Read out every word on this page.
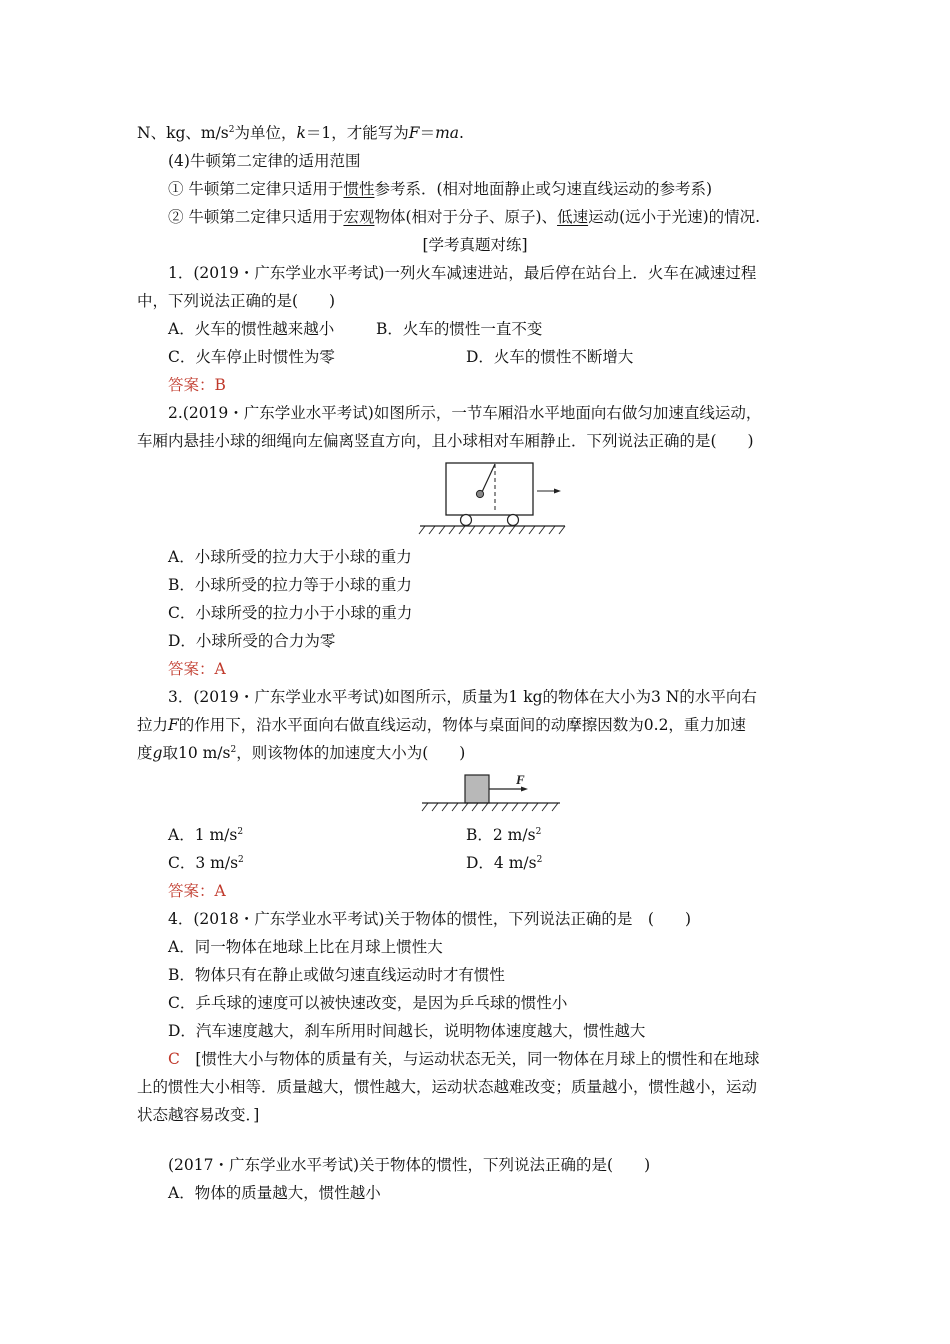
N、kg、$m/s^2$为单位，k＝1，才能写为F＝ma.
(4)牛顿第二定律的适用范围
① 牛顿第二定律只适用于惯性参考系．(相对地面静止或匀速直线运动的参考系)
② 牛顿第二定律只适用于宏观物体(相对于分子、原子)、低速运动(远小于光速)的情况.
[学考真题对练]
1．(2019・广东学业水平考试)一列火车减速进站，最后停在站台上．火车在减速过程
中，下列说法正确的是(　　)
A．火车的惯性越来越小	B．火车的惯性一直不变
C．火车停止时惯性为零	D．火车的惯性不断增大
答案：B
2.(2019・广东学业水平考试)如图所示，一节车厢沿水平地面向右做匀加速直线运动，
车厢内悬挂小球的细绳向左偏离竖直方向，且小球相对车厢静止．下列说法正确的是(　　)
A．小球所受的拉力大于小球的重力
B．小球所受的拉力等于小球的重力
C．小球所受的拉力小于小球的重力
D．小球所受的合力为零
答案：A
3．(2019・广东学业水平考试)如图所示，质量为1 kg的物体在大小为3 N的水平向右
拉力F的作用下，沿水平面向右做直线运动，物体与桌面间的动摩擦因数为0.2，重力加速
度g取10 $m/s^2$，则该物体的加速度大小为(　　)
F
A．1 $m/s^2$	B．2 $m/s^2$
C．3 $m/s^2$	D．4 $m/s^2$
答案：A
4．(2018・广东学业水平考试)关于物体的惯性，下列说法正确的是　(　　)
A．同一物体在地球上比在月球上惯性大
B．物体只有在静止或做匀速直线运动时才有惯性
C．乒乓球的速度可以被快速改变，是因为乒乓球的惯性小
D．汽车速度越大，刹车所用时间越长，说明物体速度越大，惯性越大
C　 [惯性大小与物体的质量有关，与运动状态无关，同一物体在月球上的惯性和在地球
上的惯性大小相等．质量越大，惯性越大，运动状态越难改变；质量越小，惯性越小，运动
状态越容易改变．]
(2017・广东学业水平考试)关于物体的惯性，下列说法正确的是(　　)
A．物体的质量越大，惯性越小
